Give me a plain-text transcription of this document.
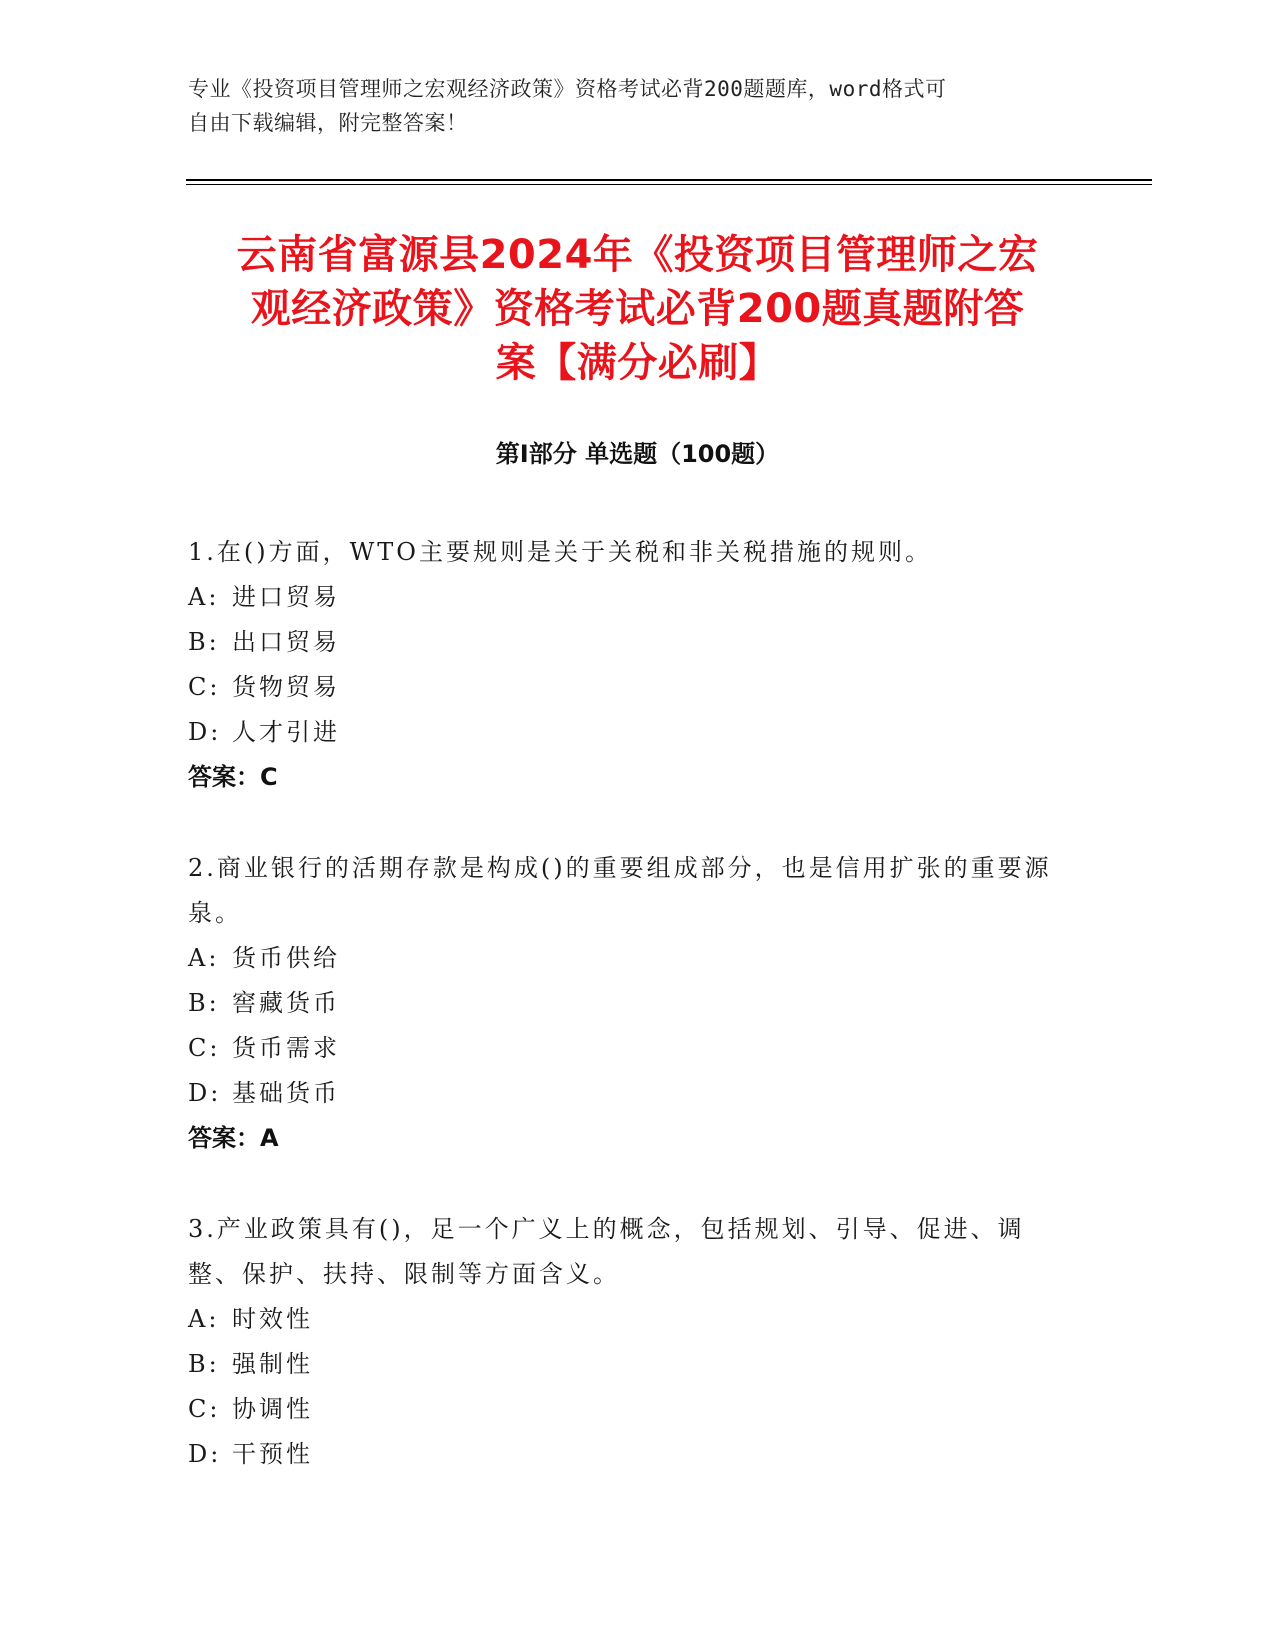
专业《投资项目管理师之宏观经济政策》资格考试必背200题题库，word格式可
自由下载编辑，附完整答案！
云南省富源县2024年《投资项目管理师之宏
观经济政策》资格考试必背200题真题附答
案【满分必刷】
第Ⅰ部分 单选题（100题）

1.在()方面，WTO主要规则是关于关税和非关税措施的规则。

A: 进口贸易

B: 出口贸易

C: 货物贸易

D: 人才引进

答案：C

2.商业银行的活期存款是构成()的重要组成部分，也是信用扩张的重要源泉。

A: 货币供给

B: 窖藏货币

C: 货币需求

D: 基础货币

答案：A

3.产业政策具有()，足一个广义上的概念，包括规划、引导、促进、调整、保护、扶持、限制等方面含义。

A: 时效性

B: 强制性

C: 协调性

D: 干预性
